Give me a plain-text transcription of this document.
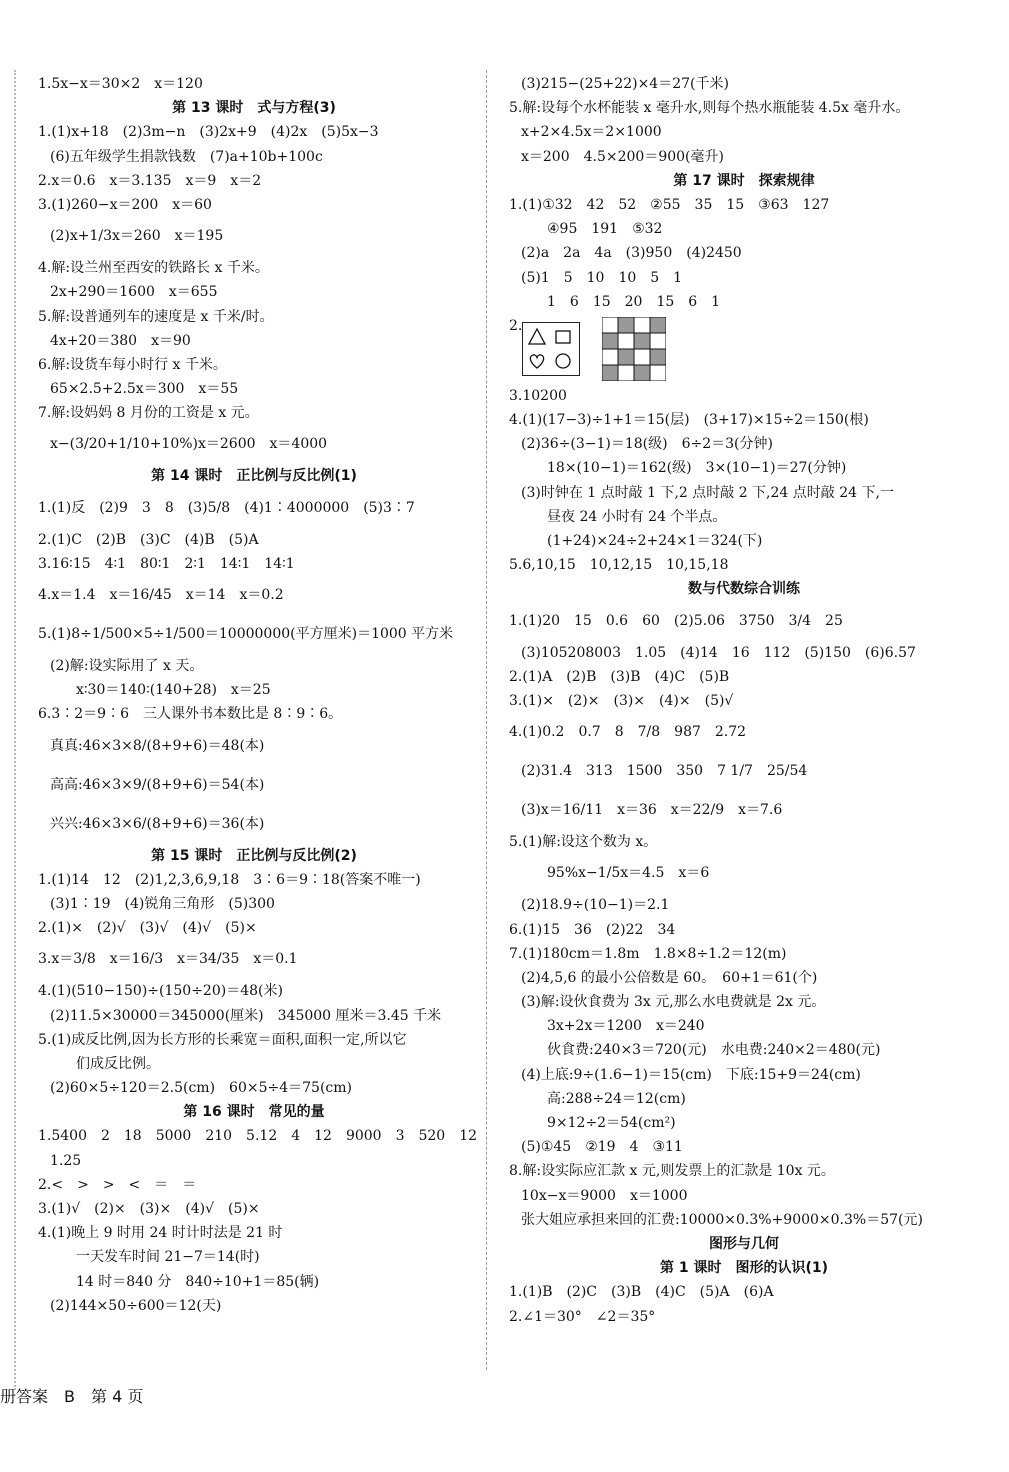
1.5x−x＝30×2　x＝120
第 13 课时　式与方程(3)
1.(1)x+18　(2)3m−n　(3)2x+9　(4)2x　(5)5x−3
(6)五年级学生捐款钱数　(7)a+10b+100c
2.x＝0.6　x＝3.135　x＝9　x＝2
3.(1)260−x＝200　x＝60
(2)x+1/3x＝260　x＝195
4.解:设兰州至西安的铁路长 x 千米。
2x+290＝1600　x＝655
5.解:设普通列车的速度是 x 千米/时。
4x+20＝380　x＝90
6.解:设货车每小时行 x 千米。
65×2.5+2.5x＝300　x＝55
7.解:设妈妈 8 月份的工资是 x 元。
x−(3/20+1/10+10%)x＝2600　x＝4000
第 14 课时　正比例与反比例(1)
1.(1)反　(2)9　3　8　(3)5/8　(4)1∶4000000　(5)3∶7
2.(1)C　(2)B　(3)C　(4)B　(5)A
3.16∶15　4∶1　80∶1　2∶1　14∶1　14∶1
4.x＝1.4　x＝16/45　x＝14　x＝0.2
5.(1)8÷1/500×5÷1/500＝10000000(平方厘米)＝1000 平方米
(2)解:设实际用了 x 天。
x∶30＝140∶(140+28)　x＝25
6.3∶2＝9∶6　三人课外书本数比是 8∶9∶6。
真真:46×3×8/(8+9+6)＝48(本)
高高:46×3×9/(8+9+6)＝54(本)
兴兴:46×3×6/(8+9+6)＝36(本)
第 15 课时　正比例与反比例(2)
1.(1)14　12　(2)1,2,3,6,9,18　3∶6＝9∶18(答案不唯一)
(3)1∶19　(4)锐角三角形　(5)300
2.(1)×　(2)√　(3)√　(4)√　(5)×
3.x＝3/8　x＝16/3　x＝34/35　x＝0.1
4.(1)(510−150)÷(150÷20)＝48(米)
(2)11.5×30000＝345000(厘米)　345000 厘米＝3.45 千米
5.(1)成反比例,因为长方形的长乘宽＝面积,面积一定,所以它
们成反比例。
(2)60×5÷120＝2.5(cm)　60×5÷4＝75(cm)
第 16 课时　常见的量
1.5400　2　18　5000　210　5.12　4　12　9000　3　520　12
1.25
2.<　>　>　<　＝　＝
3.(1)√　(2)×　(3)×　(4)√　(5)×
4.(1)晚上 9 时用 24 时计时法是 21 时
一天发车时间 21−7＝14(时)
14 时＝840 分　840÷10+1＝85(辆)
(2)144×50÷600＝12(天)
(3)215−(25+22)×4＝27(千米)
5.解:设每个水杯能装 x 毫升水,则每个热水瓶能装 4.5x 毫升水。
x+2×4.5x＝2×1000
x＝200　4.5×200＝900(毫升)
第 17 课时　探索规律
1.(1)①32　42　52　②55　35　15　③63　127
④95　191　⑤32
(2)a　2a　4a　(3)950　(4)2450
(5)1　5　10　10　5　1
1　6　15　20　15　6　1
2.
3.10200
4.(1)(17−3)÷1+1＝15(层)　(3+17)×15÷2＝150(根)
(2)36÷(3−1)＝18(级)　6÷2＝3(分钟)
18×(10−1)＝162(级)　3×(10−1)＝27(分钟)
(3)时钟在 1 点时敲 1 下,2 点时敲 2 下,24 点时敲 24 下,一
昼夜 24 小时有 24 个半点。
(1+24)×24÷2+24×1＝324(下)
5.6,10,15　10,12,15　10,15,18
数与代数综合训练
1.(1)20　15　0.6　60　(2)5.06　3750　3/4　25
(3)105208003　1.05　(4)14　16　112　(5)150　(6)6.57
2.(1)A　(2)B　(3)B　(4)C　(5)B
3.(1)×　(2)×　(3)×　(4)×　(5)√
4.(1)0.2　0.7　8　7/8　987　2.72
(2)31.4　313　1500　350　7 1/7　25/54
(3)x＝16/11　x＝36　x＝22/9　x＝7.6
5.(1)解:设这个数为 x。
95%x−1/5x＝4.5　x＝6
(2)18.9÷(10−1)＝2.1
6.(1)15　36　(2)22　34
7.(1)180cm＝1.8m　1.8×8÷1.2＝12(m)
(2)4,5,6 的最小公倍数是 60。　60+1＝61(个)
(3)解:设伙食费为 3x 元,那么水电费就是 2x 元。
3x+2x＝1200　x＝240
伙食费:240×3＝720(元)　水电费:240×2＝480(元)
(4)上底:9÷(1.6−1)＝15(cm)　下底:15+9＝24(cm)
高:288÷24＝12(cm)
9×12÷2＝54(cm²)
(5)①45　②19　4　③11
8.解:设实际应汇款 x 元,则发票上的汇款是 10x 元。
10x−x＝9000　x＝1000
张大姐应承担来回的汇费:10000×0.3%+9000×0.3%＝57(元)
图形与几何
第 1 课时　图形的认识(1)
1.(1)B　(2)C　(3)B　(4)C　(5)A　(6)A
2.∠1＝30°　∠2＝35°
册答案　B　第 4 页
